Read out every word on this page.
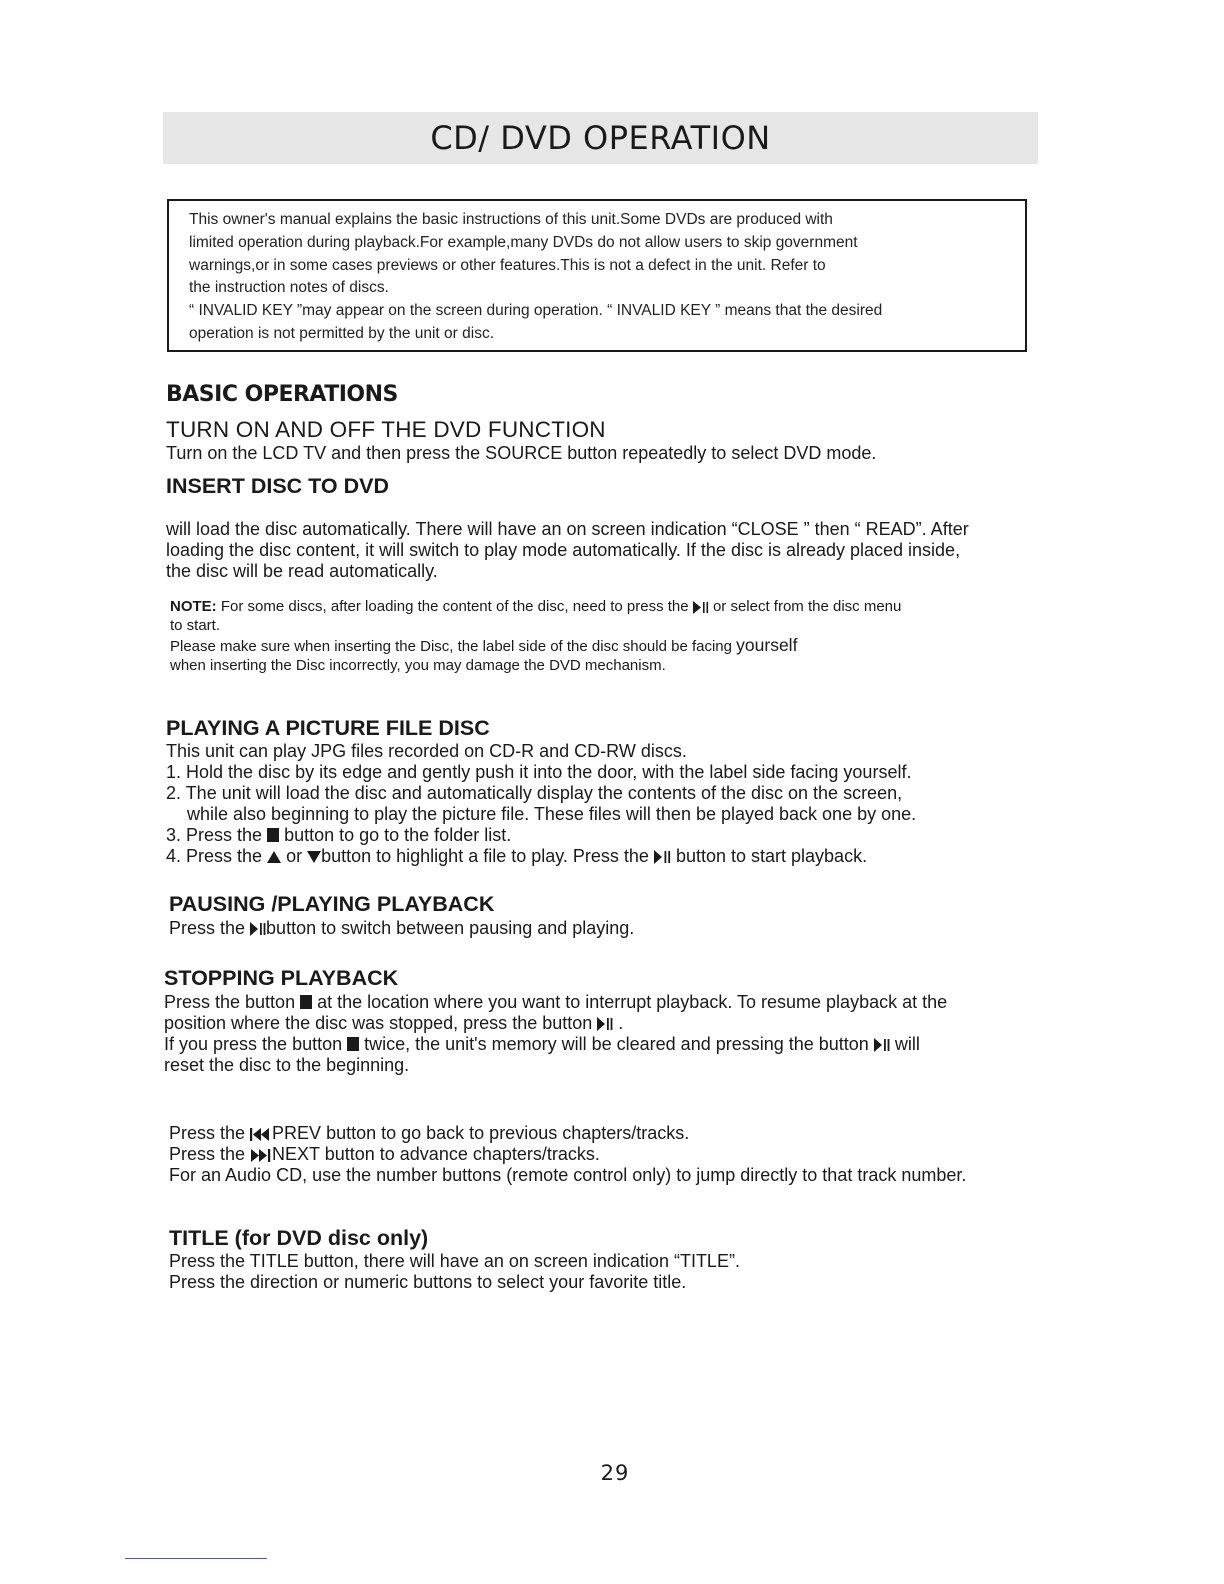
CD/ DVD OPERATION
This owner's manual explains the basic instructions of this unit.Some DVDs are produced with
limited operation during playback.For example,many DVDs do not allow users to skip government
warnings,or in some cases previews or other features.This is not a defect in the unit. Refer to
the instruction notes of discs.
“ INVALID KEY ”may appear on the screen during operation. “ INVALID KEY ” means that the desired
operation is not permitted by the unit or disc.
BASIC OPERATIONS
TURN ON AND OFF THE DVD FUNCTION
Turn on the LCD TV and then press the SOURCE button repeatedly to select DVD mode.
INSERT DISC TO DVD
will load the disc automatically. There will have an on screen indication “CLOSE ” then “ READ”. After
loading the disc content, it will switch to play mode automatically. If the disc is already placed inside,
the disc will be read automatically.
NOTE: For some discs, after loading the content of the disc, need to press the  or select from the disc menu
to start.
Please make sure when inserting the Disc, the label side of the disc should be facing yourself
when inserting the Disc incorrectly, you may damage the DVD mechanism.
PLAYING A PICTURE FILE DISC
This unit can play JPG files recorded on CD-R and CD-RW discs.
1. Hold the disc by its edge and gently push it into the door, with the label side facing yourself.
2. The unit will load the disc and automatically display the contents of the disc on the screen,
while also beginning to play the picture file. These files will then be played back one by one.
3. Press the  button to go to the folder list.
4. Press the  or button to highlight a file to play. Press the  button to start playback.
PAUSING /PLAYING PLAYBACK
Press the button to switch between pausing and playing.
STOPPING PLAYBACK
Press the button  at the location where you want to interrupt playback. To resume playback at the
position where the disc was stopped, press the button  .
If you press the button  twice, the unit's memory will be cleared and pressing the button  will
reset the disc to the beginning.
Press the PREV button to go back to previous chapters/tracks.
Press the NEXT button to advance chapters/tracks.
For an Audio CD, use the number buttons (remote control only) to jump directly to that track number.
TITLE (for DVD disc only)
Press the TITLE button, there will have an on screen indication “TITLE”.
Press the direction or numeric buttons to select your favorite title.
29
